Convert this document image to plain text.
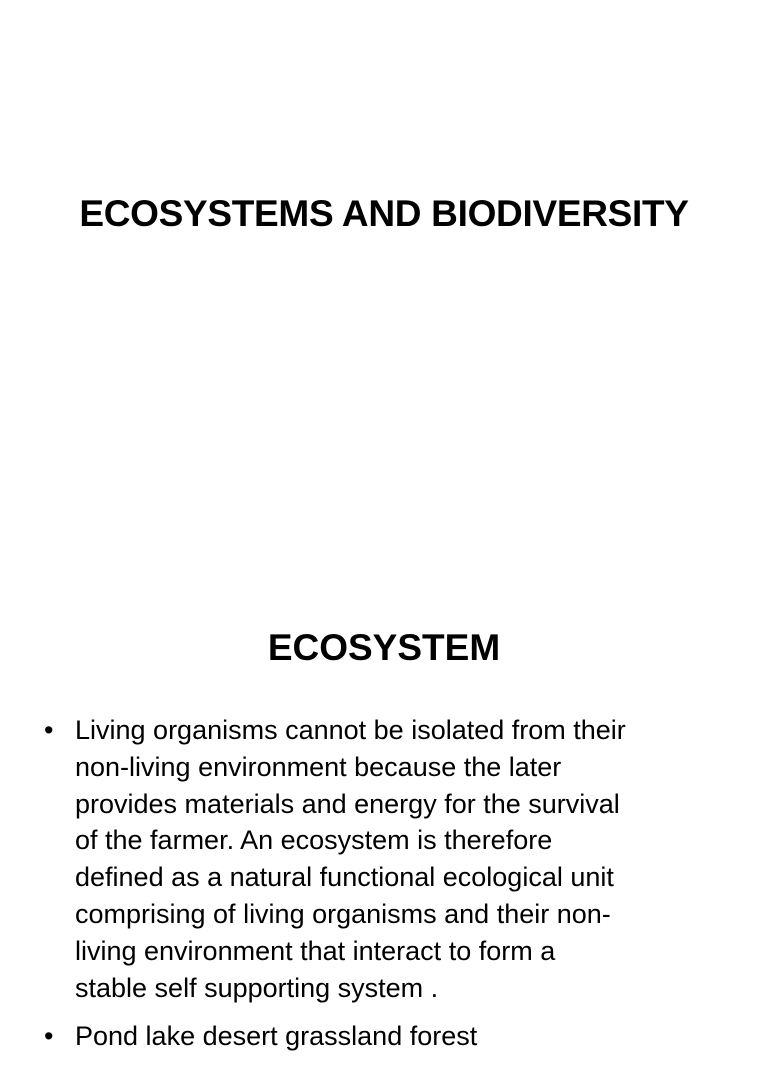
ECOSYSTEMS AND BIODIVERSITY
ECOSYSTEM
• Living organisms cannot be isolated from their
non-living environment because the later
provides materials and energy for the survival
of the farmer. An ecosystem is therefore
defined as a natural functional ecological unit
comprising of living organisms and their non-
living environment that interact to form a
stable self supporting system .
• Pond lake desert grassland forest
